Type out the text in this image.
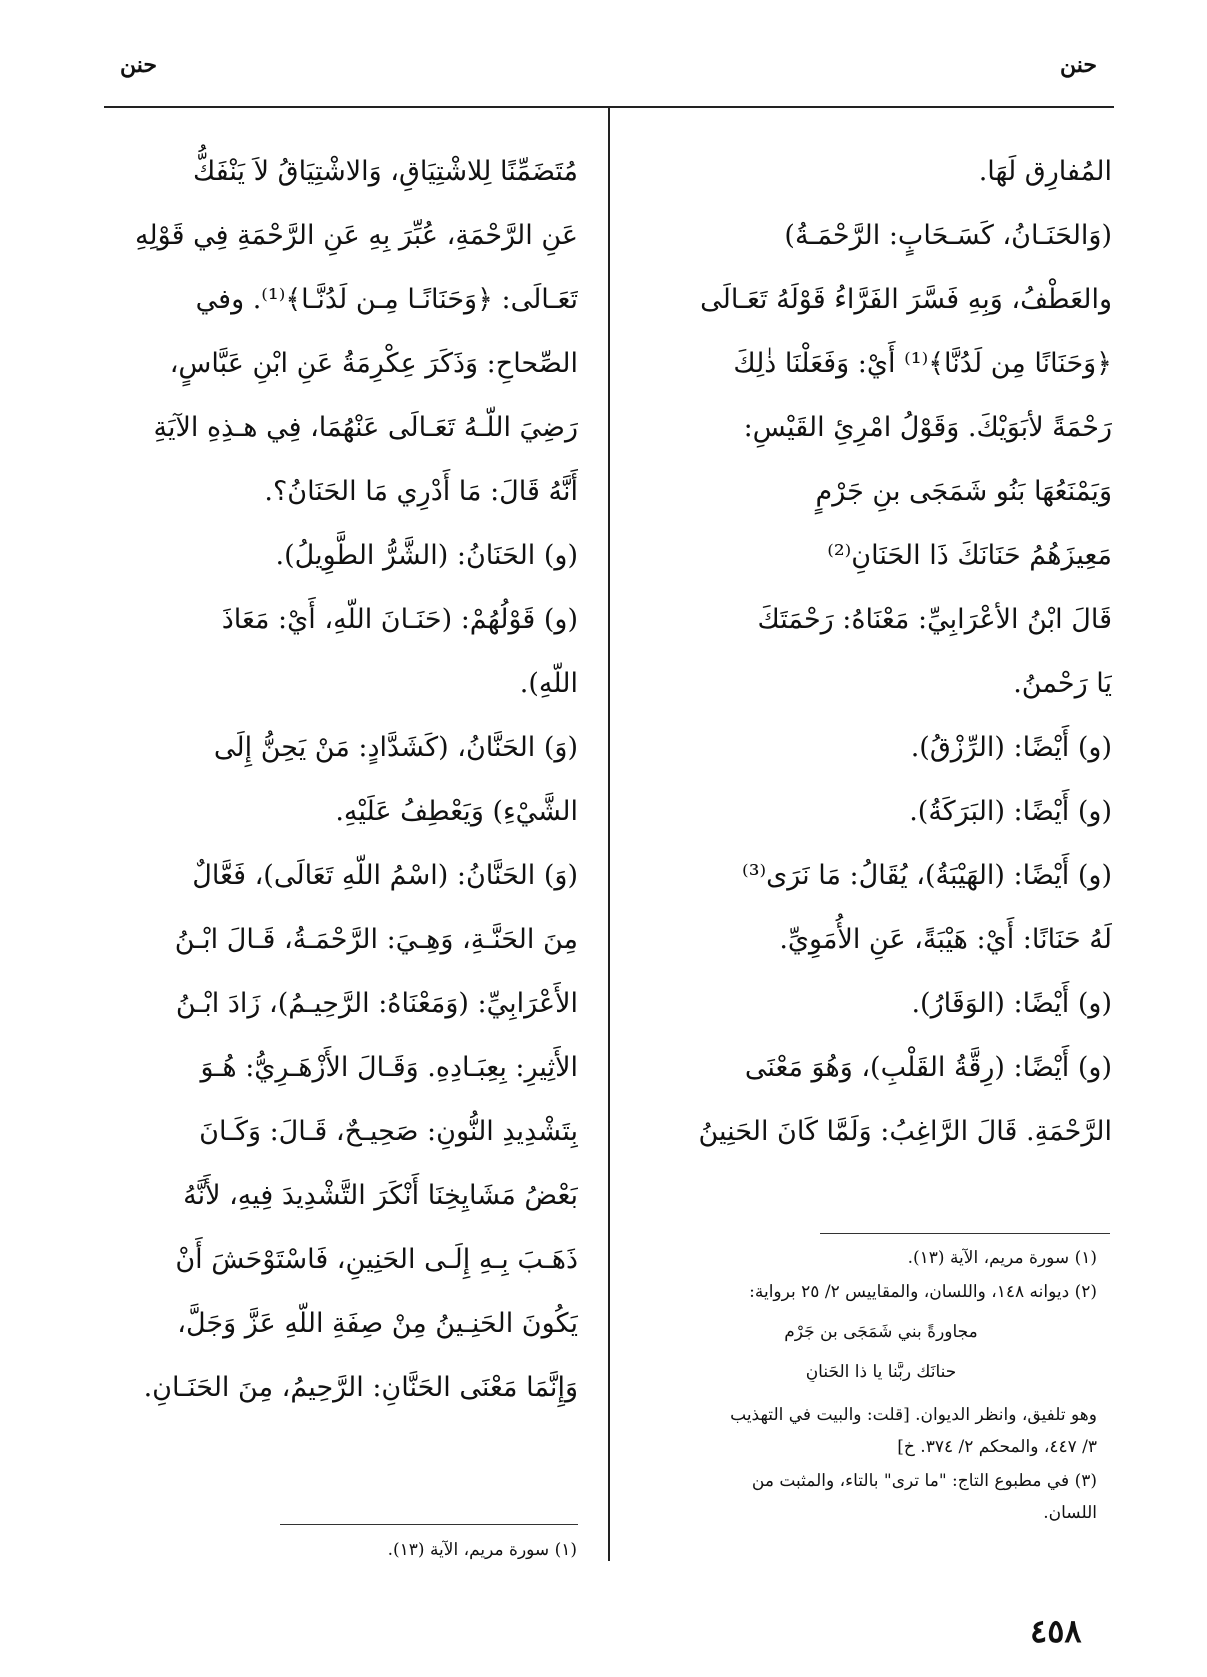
حنن	حنن
المُفارِق لَهَا.
(وَالحَنَـانُ، كَسَـحَابٍ: الرَّحْمَـةُ)
والعَطْفُ، وَبِهِ فَسَّرَ الفَرَّاءُ قَوْلَهُ تَعَـالَى
﴿وَحَنَانًا مِن لَدُنَّا﴾⁽¹⁾ أَيْ: وَفَعَلْنَا ذٰلِكَ
رَحْمَةً لأبَوَيْكَ. وَقَوْلُ امْرِئِ القَيْسِ:
وَيَمْنَعُهَا بَنُو شَمَجَى بنِ جَرْمٍ
مَعِيزَهُمُ حَنَانَكَ ذَا الحَنَانِ⁽²⁾
قَالَ ابْنُ الأعْرَابِيِّ: مَعْنَاهُ: رَحْمَتَكَ
يَا رَحْمنُ.
(و) أَيْضًا: (الرِّزْقُ).
(و) أَيْضًا: (البَرَكَةُ).
(و) أَيْضًا: (الهَيْبَةُ)، يُقَالُ: مَا نَرَى⁽³⁾
لَهُ حَنَانًا: أَيْ: هَيْبَةً، عَنِ الأُمَوِيِّ.
(و) أَيْضًا: (الوَقَارُ).
(و) أَيْضًا: (رِقَّةُ القَلْبِ)، وَهُوَ مَعْنَى
الرَّحْمَةِ. قَالَ الرَّاغِبُ: وَلَمَّا كَانَ الحَنِينُ
(١) سورة مريم، الآية (١٣).
(٢) ديوانه ١٤٨، واللسان، والمقاييس ٢/ ٢٥ برواية:
مجاورةً بني شَمَجَى بن جَرْمٍ
حنانَك ربَّنا يا ذا الحَنانِ
وهو تلفيق، وانظر الديوان. [قلت: والبيت في التهذيب
٣/ ٤٤٧، والمحكم ٢/ ٣٧٤. خ]
(٣) في مطبوع التاج: "ما ترى" بالتاء، والمثبت من
اللسان.
مُتَضَمِّنًا لِلاشْتِيَاقِ، وَالاشْتِيَاقُ لاَ يَنْفَكُّ
عَنِ الرَّحْمَةِ، عُبِّرَ بِهِ عَنِ الرَّحْمَةِ فِي قَوْلِهِ
تَعَـالَى: ﴿وَحَنَانًـا مِـن لَدُنَّـا﴾⁽¹⁾. وفي
الصِّحاحِ: وَذَكَرَ عِكْرِمَةُ عَنِ ابْنِ عَبَّاسٍ،
رَضِيَ اللّـهُ تَعَـالَى عَنْهُمَا، فِي هـذِهِ الآيَةِ
أَنَّهُ قَالَ: مَا أَدْرِي مَا الحَنَانُ؟.
(و) الحَنَانُ: (الشَّرُّ الطَّوِيلُ).
(و) قَوْلُهُمْ: (حَنَـانَ اللّهِ، أَيْ: مَعَاذَ
اللّهِ).
(وَ) الحَنَّانُ، (كَشَدَّادٍ: مَنْ يَحِنُّ إِلَى
الشَّيْءِ) وَيَعْطِفُ عَلَيْهِ.
(وَ) الحَنَّانُ: (اسْمُ اللّهِ تَعَالَى)، فَعَّالٌ
مِنَ الحَنَّـةِ، وَهِـيَ: الرَّحْمَـةُ، قَـالَ ابْـنُ
الأَعْرَابِيِّ: (وَمَعْنَاهُ: الرَّحِيـمُ)، زَادَ ابْـنُ
الأَثِيرِ: بِعِبَـادِهِ. وَقَـالَ الأَزْهَـرِيُّ: هُـوَ
بِتَشْدِيدِ النُّونِ: صَحِيـحٌ، قَـالَ: وَكَـانَ
بَعْضُ مَشَايِخِنَا أَنْكَرَ التَّشْدِيدَ فِيهِ، لأَنَّهُ
ذَهَـبَ بِـهِ إِلَـى الحَنِينِ، فَاسْتَوْحَشَ أَنْ
يَكُونَ الحَنِـينُ مِنْ صِفَةِ اللّهِ عَزَّ وَجَلَّ،
وَإِنَّمَا مَعْنَى الحَنَّانِ: الرَّحِيمُ، مِنَ الحَنَـانِ.
(١) سورة مريم، الآية (١٣).
٤٥٨
